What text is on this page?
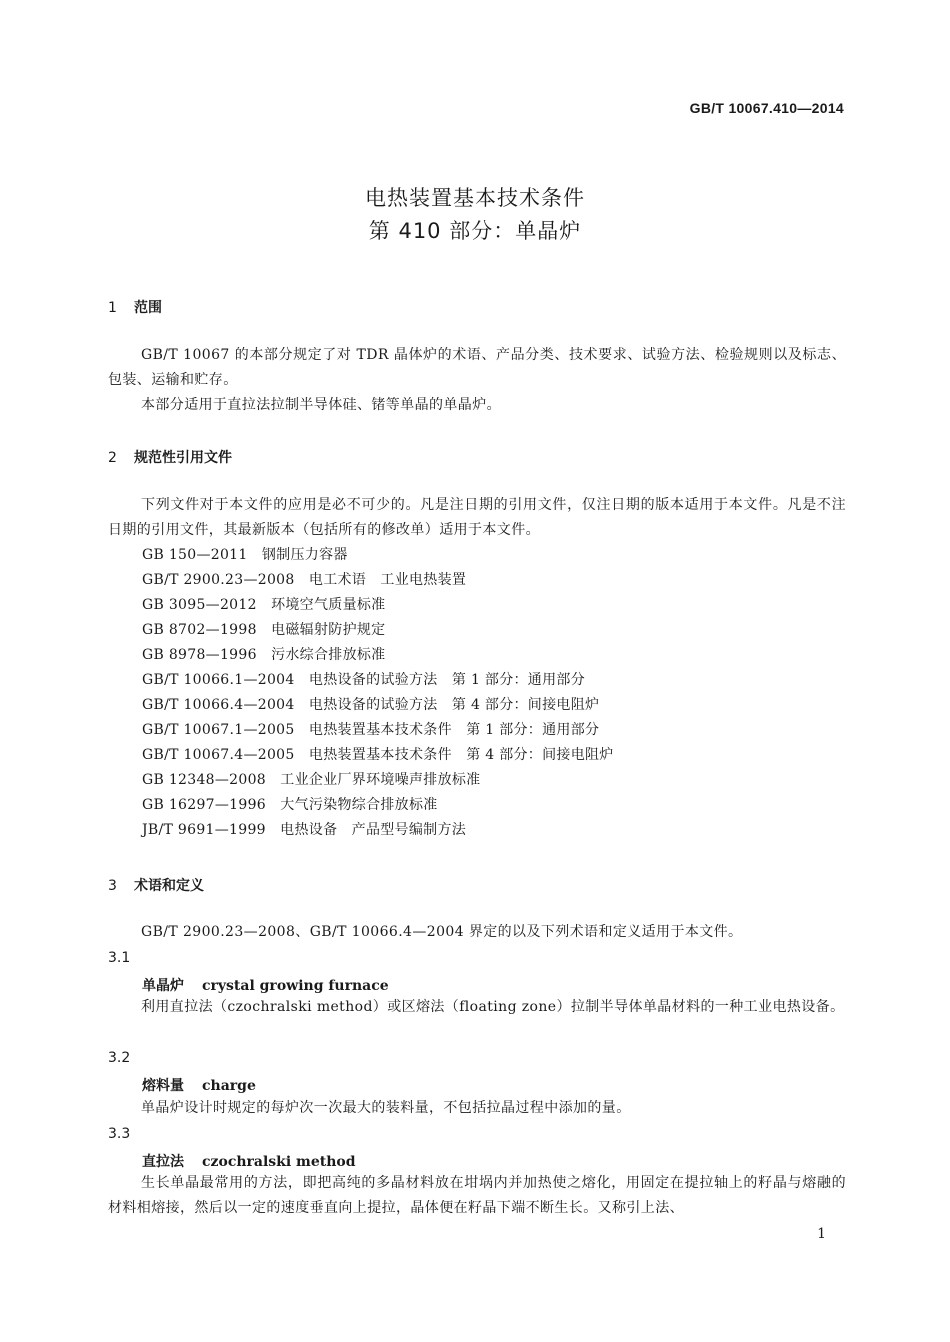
GB/T 10067.410—2014
电热装置基本技术条件
第 410 部分：单晶炉
1 范围
GB/T 10067 的本部分规定了对 TDR 晶体炉的术语、产品分类、技术要求、试验方法、检验规则以及标志、包装、运输和贮存。
本部分适用于直拉法拉制半导体硅、锗等单晶的单晶炉。
2 规范性引用文件
下列文件对于本文件的应用是必不可少的。凡是注日期的引用文件，仅注日期的版本适用于本文件。凡是不注日期的引用文件，其最新版本（包括所有的修改单）适用于本文件。
GB 150—2011　钢制压力容器
GB/T 2900.23—2008　电工术语　工业电热装置
GB 3095—2012　环境空气质量标准
GB 8702—1998　电磁辐射防护规定
GB 8978—1996　污水综合排放标准
GB/T 10066.1—2004　电热设备的试验方法　第 1 部分：通用部分
GB/T 10066.4—2004　电热设备的试验方法　第 4 部分：间接电阻炉
GB/T 10067.1—2005　电热装置基本技术条件　第 1 部分：通用部分
GB/T 10067.4—2005　电热装置基本技术条件　第 4 部分：间接电阻炉
GB 12348—2008　工业企业厂界环境噪声排放标准
GB 16297—1996　大气污染物综合排放标准
JB/T 9691—1999　电热设备　产品型号编制方法
3 术语和定义
GB/T 2900.23—2008、GB/T 10066.4—2004 界定的以及下列术语和定义适用于本文件。
3.1
单晶炉 crystal growing furnace
利用直拉法（czochralski method）或区熔法（floating zone）拉制半导体单晶材料的一种工业电热设备。
3.2
熔料量 charge
单晶炉设计时规定的每炉次一次最大的装料量，不包括拉晶过程中添加的量。
3.3
直拉法 czochralski method
生长单晶最常用的方法，即把高纯的多晶材料放在坩埚内并加热使之熔化，用固定在提拉轴上的籽晶与熔融的材料相熔接，然后以一定的速度垂直向上提拉，晶体便在籽晶下端不断生长。又称引上法、
1
